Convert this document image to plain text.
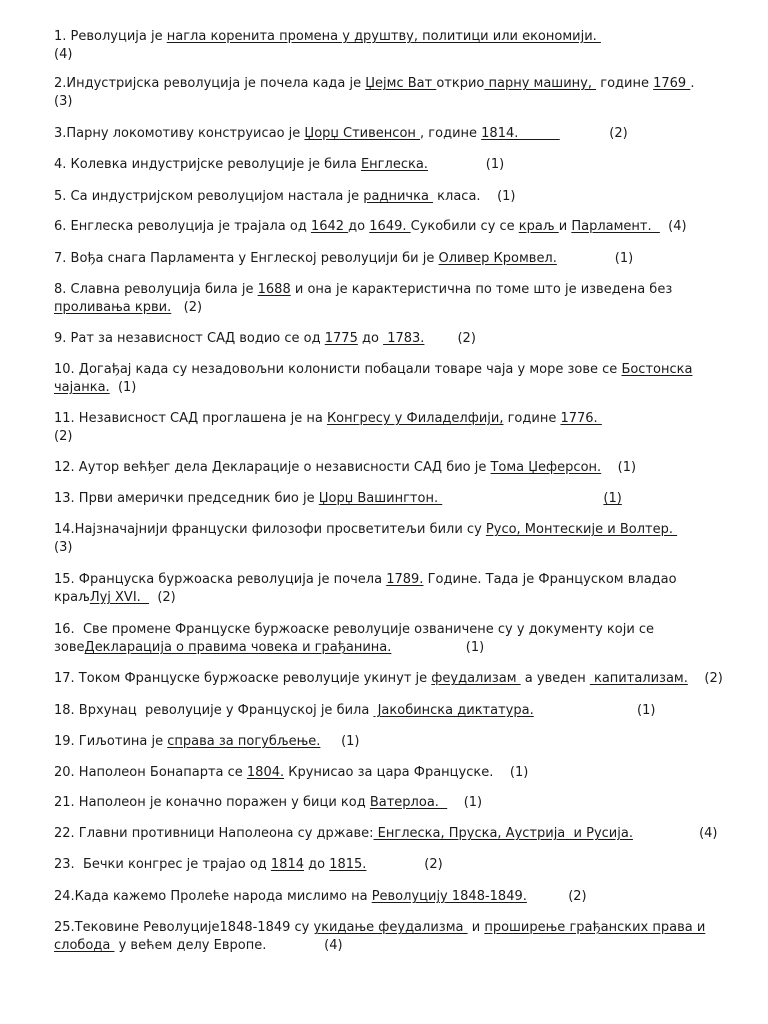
1. Револуција је нагла коренита промена у друштву, политици или економији.
(4)
2.Индустријска револуција је почела када је Џејмс Ват открио парну машину,  године 1769 .
(3)
3.Парну локомотиву конструисао је Џорџ Стивенсон , године 1814.                      (2)
4. Колевка индустријске револуције је била Енглеска.              (1)
5. Са индустријском револуцијом настала је радничка  класа.    (1)
6. Енглеска револуција је трајала од 1642 до 1649. Сукобили су се краљ и Парламент.    (4)
7. Вођа снага Парламента у Енглеској револуцији би је Оливер Кромвел.              (1)
8. Славна револуција била је 1688 и она је карактеристична по томе што је изведена без
проливања крви.   (2)
9. Рат за независност САД водио се од 1775 до  1783.        (2)
10. Догађај када су незадовољни колонисти побацали товаре чаја у море зове се Бостонска
чајанка.  (1)
11. Независност САД проглашена је на Конгресу у Филаделфији, године 1776.
(2)
12. Аутор већђег дела Декларације о независности САД био је Тома Џеферсон.    (1)
13. Први амерички председник био је Џорџ Вашингтон.	(1)
14.Најзначајнији француски филозофи просветитељи били су Русо, Монтескије и Волтер.
(3)
15. Француска буржоаска револуција је почела 1789. Године. Тада је Француском владао
краљЛуј XVI.    (2)
16.  Све промене Француске буржоаске револуције озваничене су у документу који се
зовеДекларација о правима човека и грађанина.                  (1)
17. Током Француске буржоаске револуције укинут је феудализам  а уведен  капитализам.    (2)
18. Врхунац  револуције у Француској је била  Јакобинска диктатура.                         (1)
19. Гиљотина је справа за погубљење.     (1)
20. Наполеон Бонапарта се 1804. Крунисао за цара Француске.    (1)
21. Наполеон је коначно поражен у бици код Ватерлоа.      (1)
22. Главни противници Наполеона су државе: Енглеска, Пруска, Аустрија  и Русија.                (4)
23.  Бечки конгрес је трајао од 1814 до 1815.              (2)
24.Када кажемо Пролеће народа мислимо на Револуцију 1848-1849.          (2)
25.Тековине Револуције1848-1849 су укидање феудализма  и проширење грађанских права и
слобода  у већем делу Европе.              (4)
